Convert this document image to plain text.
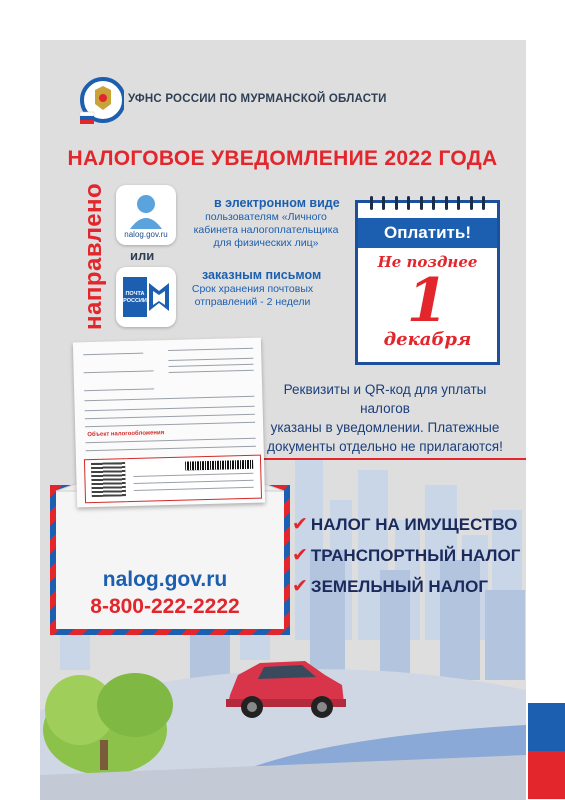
УФНС РОССИИ ПО МУРМАНСКОЙ ОБЛАСТИ
НАЛОГОВОЕ УВЕДОМЛЕНИЕ 2022 ГОДА
направлено	nalog.gov.ru
в электронном виде
пользователям «Личного
кабинета налогоплательщика
для физических лиц»
или
ПОЧТА
РОССИИ
заказным письмом
Срок хранения почтовых
отправлений - 2 недели
Оплатить!
Не позднее
1
декабря
Реквизиты и QR-код для уплаты налогов
указаны в уведомлении. Платежные
документы отдельно не прилагаются!
Объект налогообложения
nalog.gov.ru
8-800-222-2222
✔ НАЛОГ НА ИМУЩЕСТВО
✔ ТРАНСПОРТНЫЙ НАЛОГ
✔ ЗЕМЕЛЬНЫЙ НАЛОГ
